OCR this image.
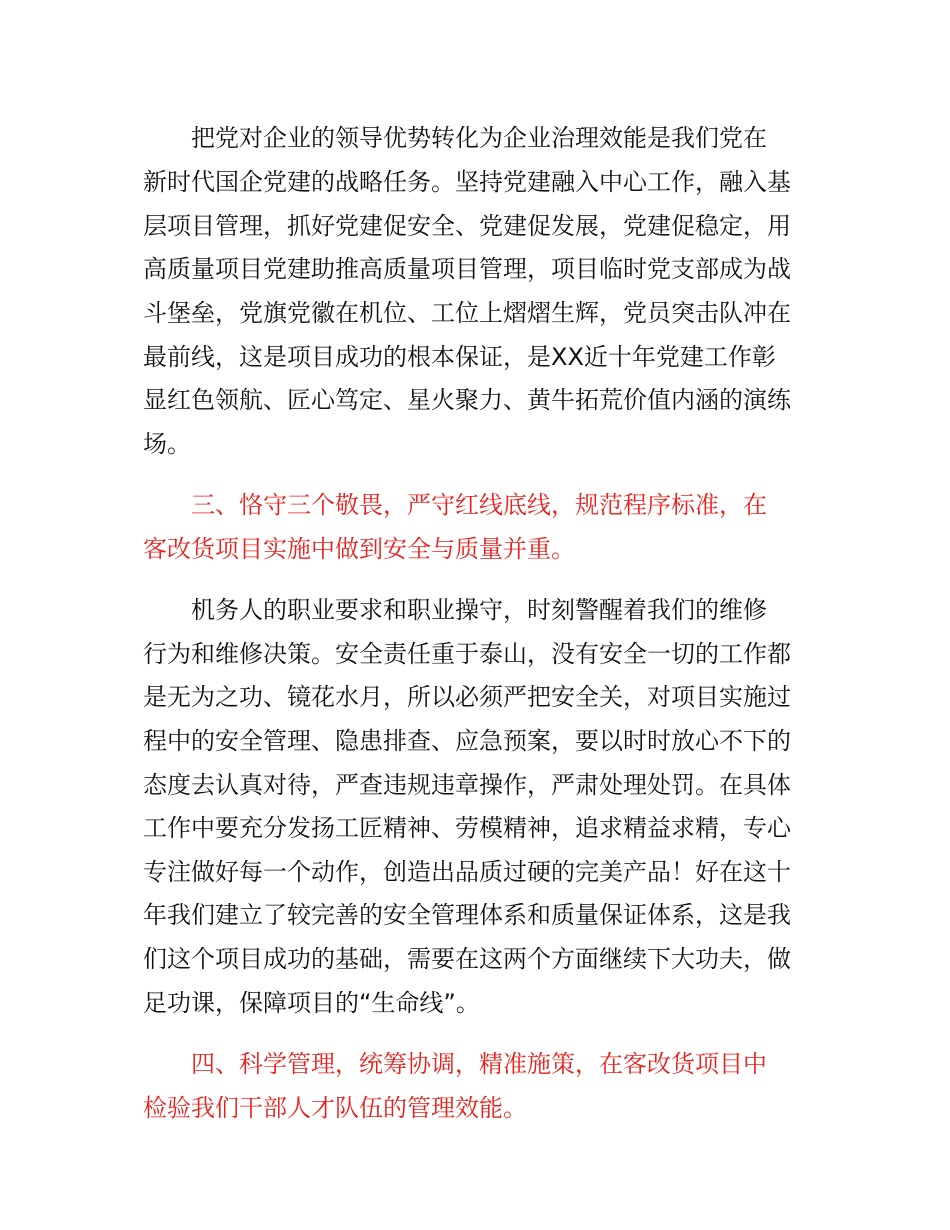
把党对企业的领导优势转化为企业治理效能是我们党在

新时代国企党建的战略任务。坚持党建融入中心工作，融入基

层项目管理，抓好党建促安全、党建促发展，党建促稳定，用

高质量项目党建助推高质量项目管理，项目临时党支部成为战

斗堡垒，党旗党徽在机位、工位上熠熠生辉，党员突击队冲在

最前线，这是项目成功的根本保证，是XX近十年党建工作彰

显红色领航、匠心笃定、星火聚力、黄牛拓荒价值内涵的演练

场。

三、恪守三个敬畏，严守红线底线，规范程序标准，在

客改货项目实施中做到安全与质量并重。

机务人的职业要求和职业操守，时刻警醒着我们的维修

行为和维修决策。安全责任重于泰山，没有安全一切的工作都

是无为之功、镜花水月，所以必须严把安全关，对项目实施过

程中的安全管理、隐患排查、应急预案，要以时时放心不下的

态度去认真对待，严查违规违章操作，严肃处理处罚。在具体

工作中要充分发扬工匠精神、劳模精神，追求精益求精，专心

专注做好每一个动作，创造出品质过硬的完美产品！好在这十

年我们建立了较完善的安全管理体系和质量保证体系，这是我

们这个项目成功的基础，需要在这两个方面继续下大功夫，做

足功课，保障项目的“生命线”。

四、科学管理，统筹协调，精准施策，在客改货项目中

检验我们干部人才队伍的管理效能。
